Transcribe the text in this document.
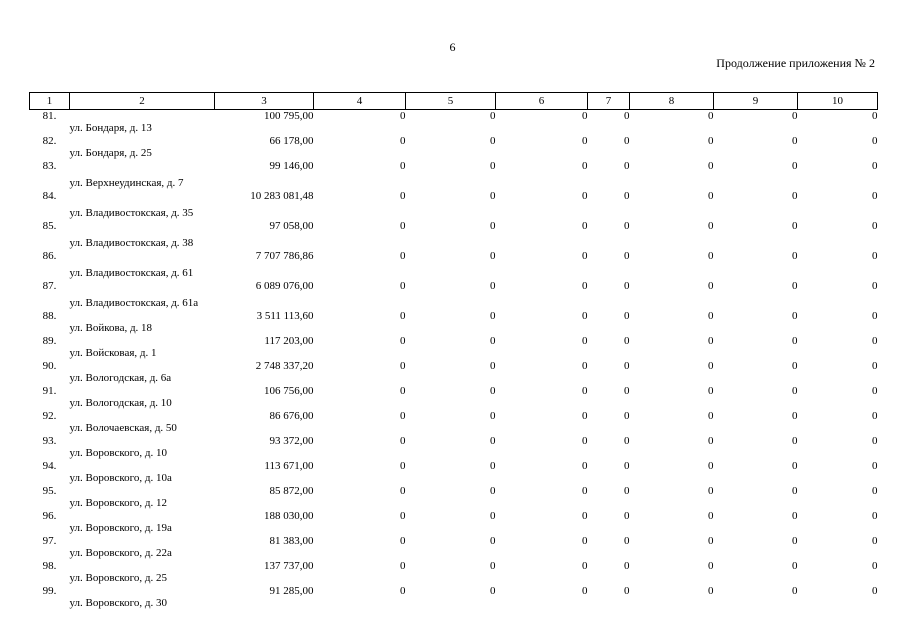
6
Продолжение приложения № 2
1	2	3	4	5	6	7	8	9	10
81.	ул. Бондаря, д. 13	100 795,00	0	0	0	0	0	0	0
82.	ул. Бондаря, д. 25	66 178,00	0	0	0	0	0	0	0
83.	ул. Верхнеудинская, д. 7	99 146,00	0	0	0	0	0	0	0
84.	ул. Владивостокская, д. 35	10 283 081,48	0	0	0	0	0	0	0
85.	ул. Владивостокская, д. 38	97 058,00	0	0	0	0	0	0	0
86.	ул. Владивостокская, д. 61	7 707 786,86	0	0	0	0	0	0	0
87.	ул. Владивостокская, д. 61а	6 089 076,00	0	0	0	0	0	0	0
88.	ул. Войкова, д. 18	3 511 113,60	0	0	0	0	0	0	0
89.	ул. Войсковая, д. 1	117 203,00	0	0	0	0	0	0	0
90.	ул. Вологодская, д. 6а	2 748 337,20	0	0	0	0	0	0	0
91.	ул. Вологодская, д. 10	106 756,00	0	0	0	0	0	0	0
92.	ул. Волочаевская, д. 50	86 676,00	0	0	0	0	0	0	0
93.	ул. Воровского, д. 10	93 372,00	0	0	0	0	0	0	0
94.	ул. Воровского, д. 10а	113 671,00	0	0	0	0	0	0	0
95.	ул. Воровского, д. 12	85 872,00	0	0	0	0	0	0	0
96.	ул. Воровского, д. 19а	188 030,00	0	0	0	0	0	0	0
97.	ул. Воровского, д. 22а	81 383,00	0	0	0	0	0	0	0
98.	ул. Воровского, д. 25	137 737,00	0	0	0	0	0	0	0
99.	ул. Воровского, д. 30	91 285,00	0	0	0	0	0	0	0
